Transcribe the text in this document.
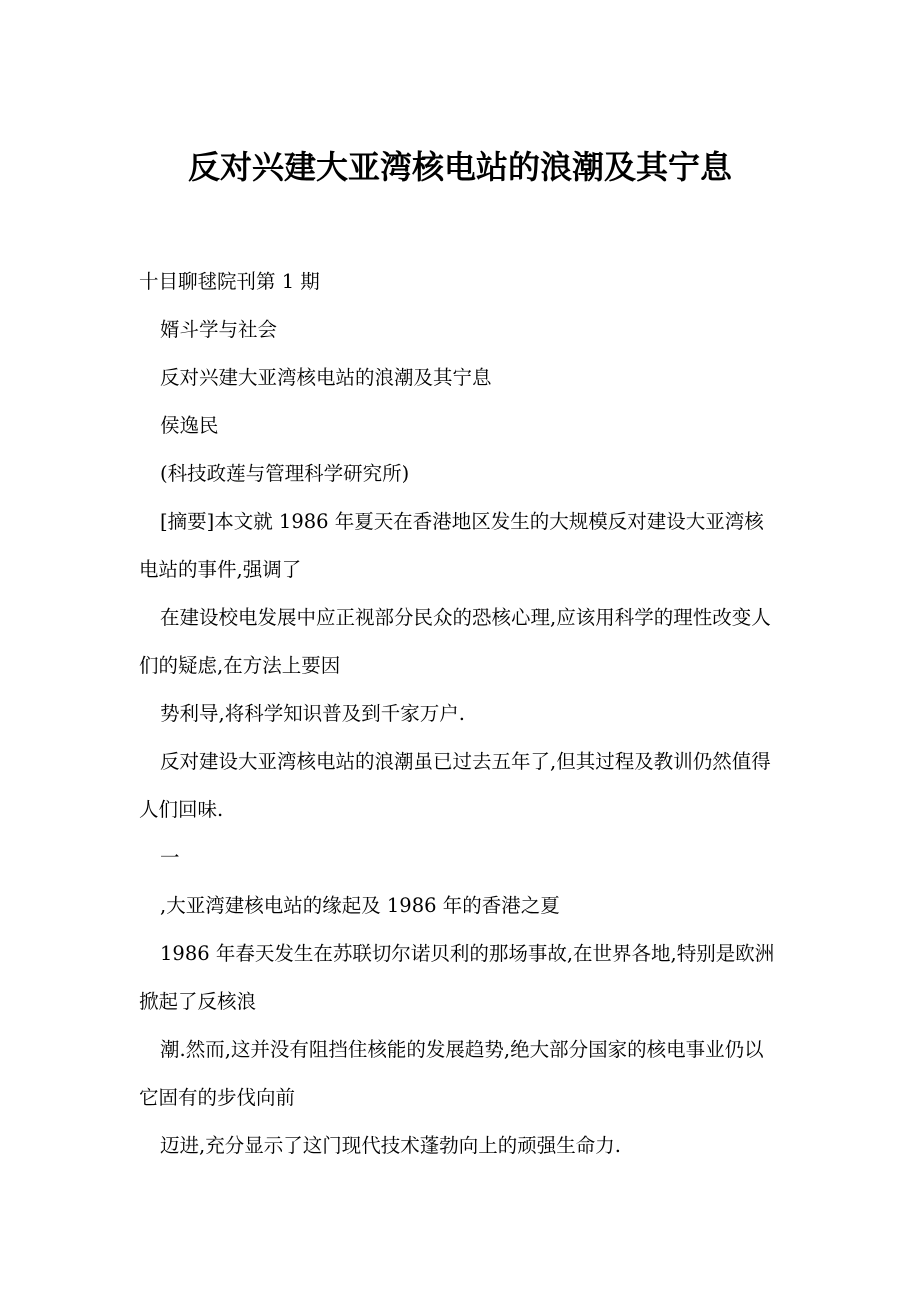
反对兴建大亚湾核电站的浪潮及其宁息

十目聊毬院刊第 1 期

婿斗学与社会

反对兴建大亚湾核电站的浪潮及其宁息

侯逸民

(科技政莲与管理科学研究所)

[摘要]本文就 1986 年夏天在香港地区发生的大规模反对建设大亚湾核电站的事件,强调了

在建设校电发展中应正视部分民众的恐核心理,应该用科学的理性改变人们的疑虑,在方法上要因

势利导,将科学知识普及到千家万户.

反对建设大亚湾核电站的浪潮虽已过去五年了,但其过程及教训仍然值得人们回味.

一

,大亚湾建核电站的缘起及 1986 年的香港之夏

1986 年春天发生在苏联切尔诺贝利的那场事故,在世界各地,特别是欧洲掀起了反核浪

潮.然而,这并没有阻挡住核能的发展趋势,绝大部分国家的核电事业仍以它固有的步伐向前

迈进,充分显示了这门现代技术蓬勃向上的顽强生命力.
